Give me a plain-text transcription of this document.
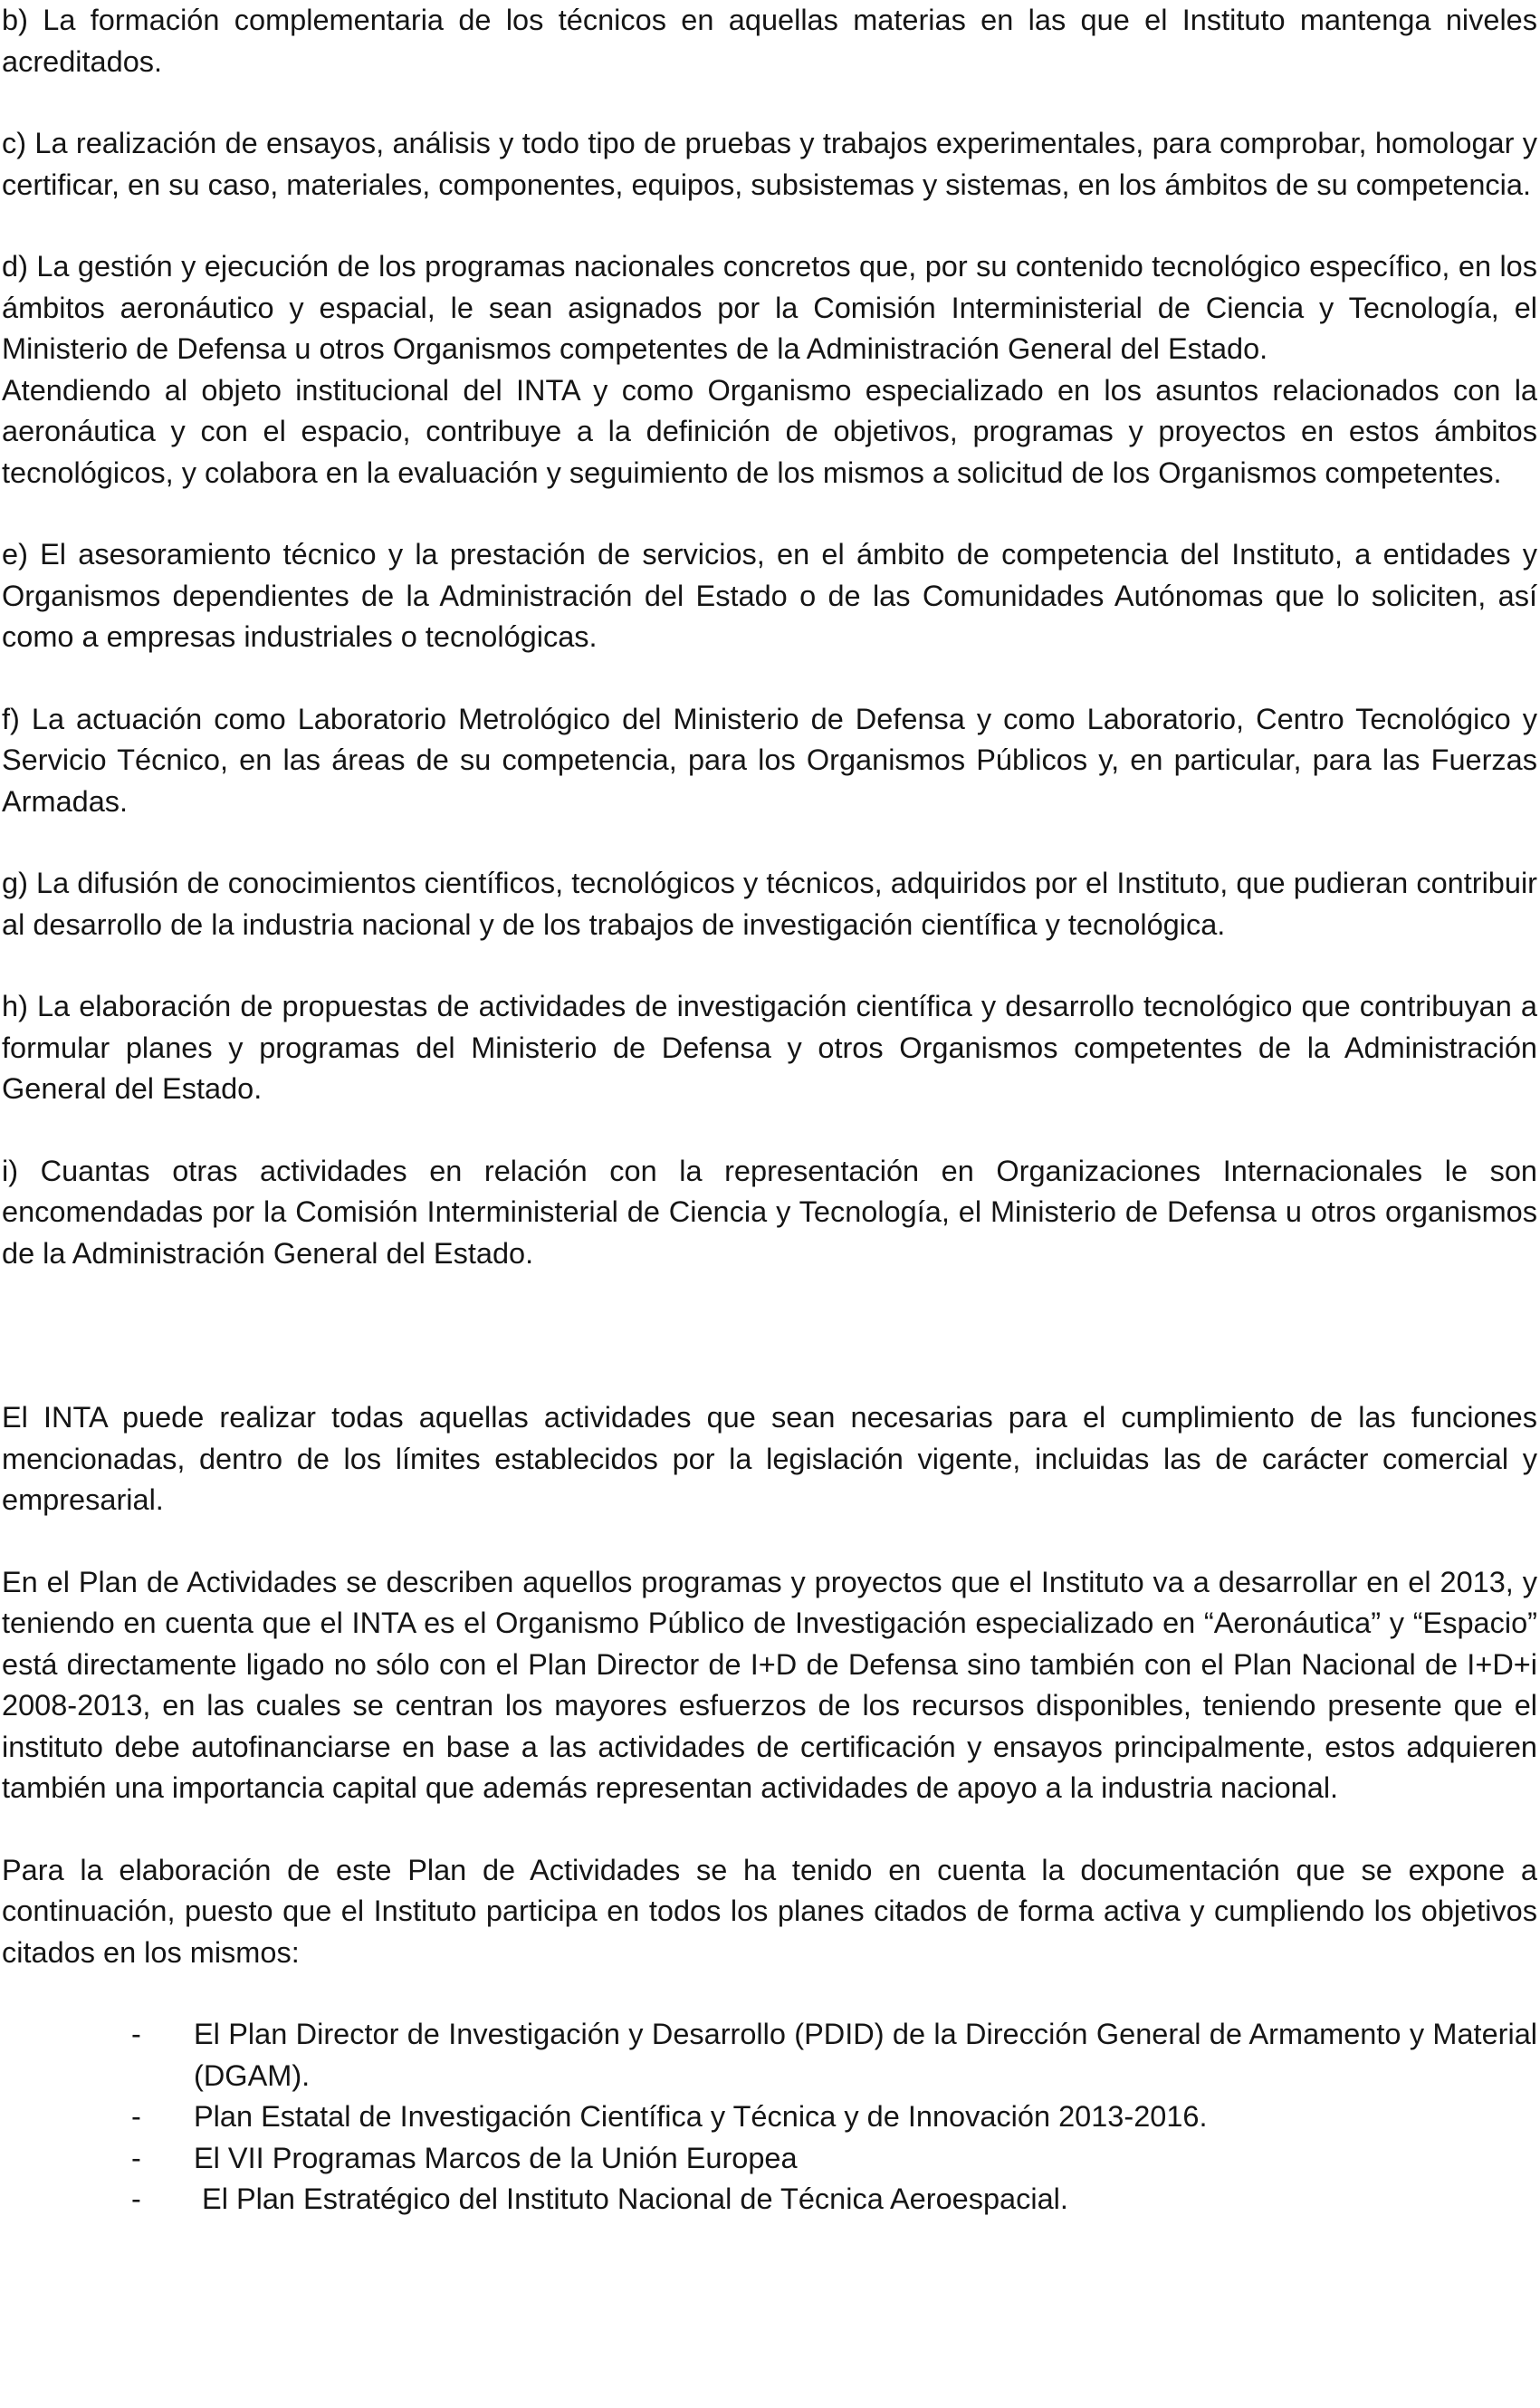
b) La formación complementaria de los técnicos en aquellas materias en las que el Instituto mantenga niveles acreditados.

c) La realización de ensayos, análisis y todo tipo de pruebas y trabajos experimentales, para comprobar, homologar y certificar, en su caso, materiales, componentes, equipos, subsistemas y sistemas, en los ámbitos de su competencia.

d) La gestión y ejecución de los programas nacionales concretos que, por su contenido tecnológico específico, en los ámbitos aeronáutico y espacial, le sean asignados por la Comisión Interministerial de Ciencia y Tecnología, el Ministerio de Defensa u otros Organismos competentes de la Administración General del Estado.

Atendiendo al objeto institucional del INTA y como Organismo especializado en los asuntos relacionados con la aeronáutica y con el espacio, contribuye a la definición de objetivos, programas y proyectos en estos ámbitos tecnológicos, y colabora en la evaluación y seguimiento de los mismos a solicitud de los Organismos competentes.

e) El asesoramiento técnico y la prestación de servicios, en el ámbito de competencia del Instituto, a entidades y Organismos dependientes de la Administración del Estado o de las Comunidades Autónomas que lo soliciten, así como a empresas industriales o tecnológicas.

f) La actuación como Laboratorio Metrológico del Ministerio de Defensa y como Laboratorio, Centro Tecnológico y Servicio Técnico, en las áreas de su competencia, para los Organismos Públicos y, en particular, para las Fuerzas Armadas.

g) La difusión de conocimientos científicos, tecnológicos y técnicos, adquiridos por el Instituto, que pudieran contribuir al desarrollo de la industria nacional y de los trabajos de investigación científica y tecnológica.

h) La elaboración de propuestas de actividades de investigación científica y desarrollo tecnológico que contribuyan a formular planes y programas del Ministerio de Defensa y otros Organismos competentes de la Administración General del Estado.

i) Cuantas otras actividades en relación con la representación en Organizaciones Internacionales le son encomendadas por la Comisión Interministerial de Ciencia y Tecnología, el Ministerio de Defensa u otros organismos de la Administración General del Estado.

El INTA puede realizar todas aquellas actividades que sean necesarias para el cumplimiento de las funciones mencionadas, dentro de los límites establecidos por la legislación vigente, incluidas las de carácter comercial y empresarial.

En el Plan de Actividades se describen aquellos programas y proyectos que el Instituto va a desarrollar en el 2013, y teniendo en cuenta que el INTA es el Organismo Público de Investigación especializado en “Aeronáutica” y “Espacio” está directamente ligado no sólo con el Plan Director de I+D de Defensa sino también con el Plan Nacional de I+D+i 2008-2013, en las cuales se centran los mayores esfuerzos de los recursos disponibles, teniendo presente que el instituto debe autofinanciarse en base a las actividades de certificación y ensayos principalmente, estos adquieren también una importancia capital que además representan actividades de apoyo a la industria nacional.

Para la elaboración de este Plan de Actividades se ha tenido en cuenta la documentación que se expone a continuación, puesto que el Instituto participa en todos los planes citados de forma activa y cumpliendo los objetivos citados en los mismos:

- El Plan Director de Investigación y Desarrollo (PDID) de la Dirección General de Armamento y Material (DGAM).
- Plan Estatal de Investigación Científica y Técnica y de Innovación 2013-2016.
- El VII Programas Marcos de la Unión Europea
- El Plan Estratégico del Instituto Nacional de Técnica Aeroespacial.
